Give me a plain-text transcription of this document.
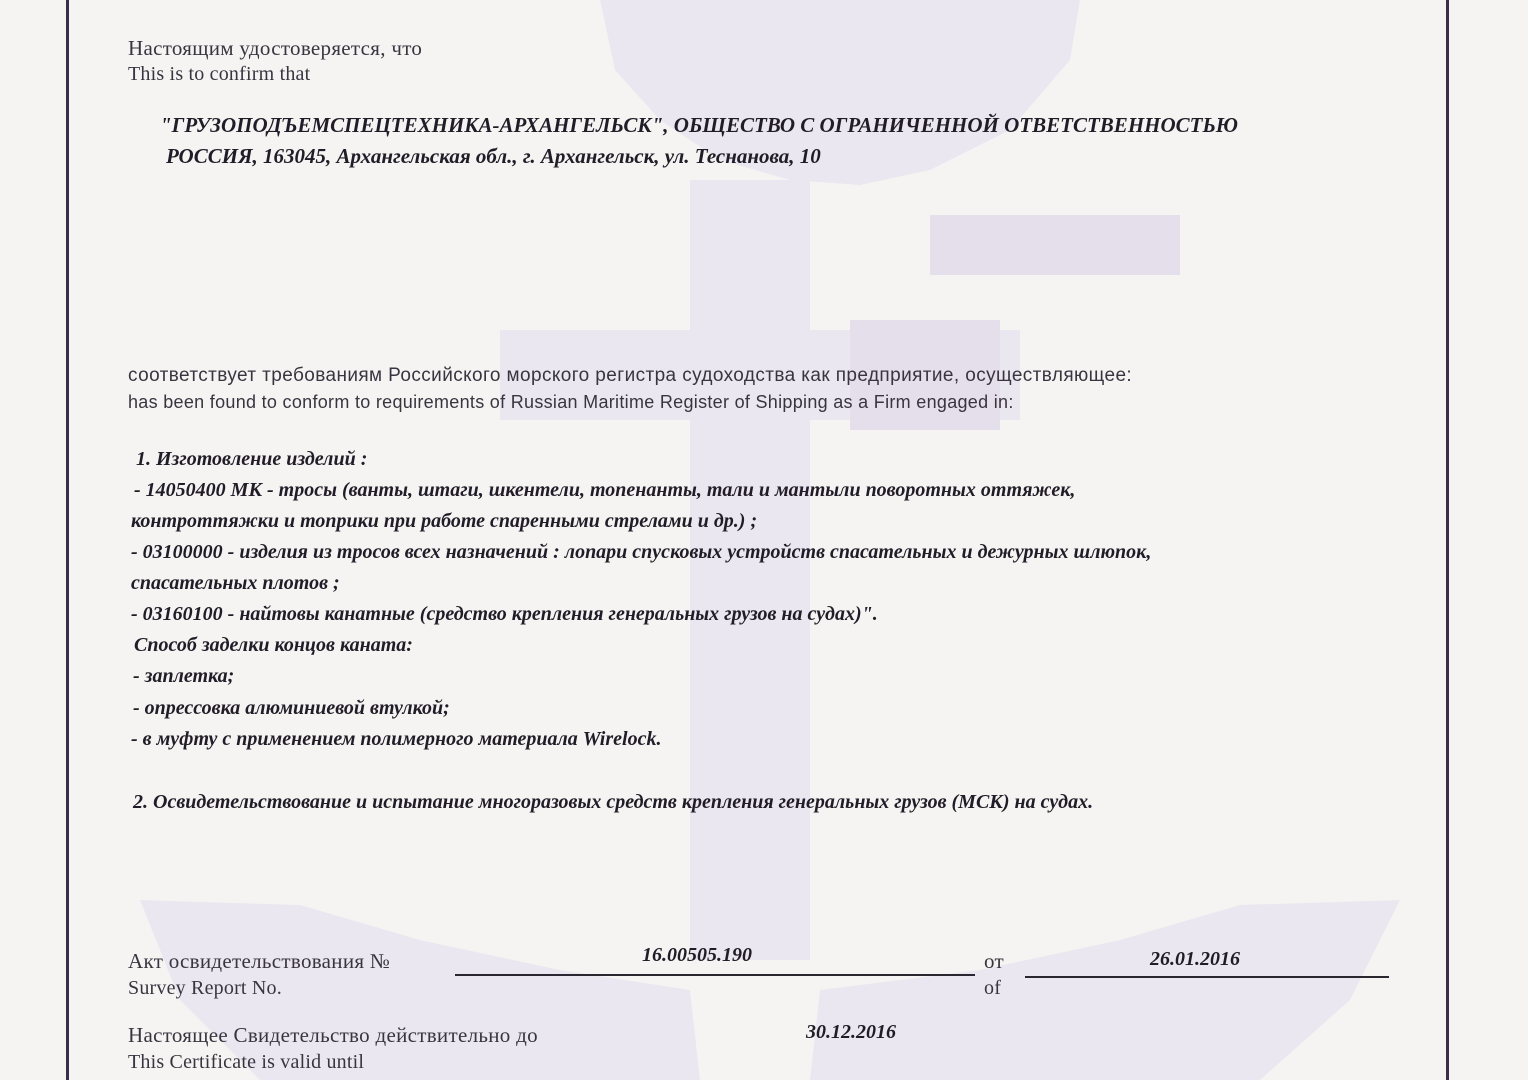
Настоящим удостоверяется, что
This is to confirm that
"ГРУЗОПОДЪЕМСПЕЦТЕХНИКА-АРХАНГЕЛЬСК", ОБЩЕСТВО С ОГРАНИЧЕННОЙ ОТВЕТСТВЕННОСТЬЮ
РОССИЯ, 163045, Архангельская обл., г. Архангельск, ул. Теснанова, 10
соответствует требованиям Российского морского регистра судоходства как предприятие, осуществляющее:
has been found to conform to requirements of Russian Maritime Register of Shipping as a Firm engaged in:
1. Изготовление изделий :
- 14050400 МК - тросы (ванты, штаги, шкентели, топенанты, тали и мантыли поворотных оттяжек,
контроттяжки и топрики при работе спаренными стрелами и др.) ;
- 03100000 - изделия из тросов всех назначений : лопари спусковых устройств спасательных и дежурных шлюпок,
спасательных плотов ;
- 03160100 - найтовы канатные (средство крепления генеральных грузов на судах)".
Способ заделки концов каната:
- заплетка;
- опрессовка алюминиевой втулкой;
- в муфту с применением полимерного материала Wirelock.
2. Освидетельствование и испытание многоразовых средств крепления генеральных грузов (МСК) на судах.
Акт освидетельствования №
Survey Report No.
16.00505.190	от
of
26.01.2016
Настоящее Свидетельство действительно до
This Certificate is valid until
30.12.2016
